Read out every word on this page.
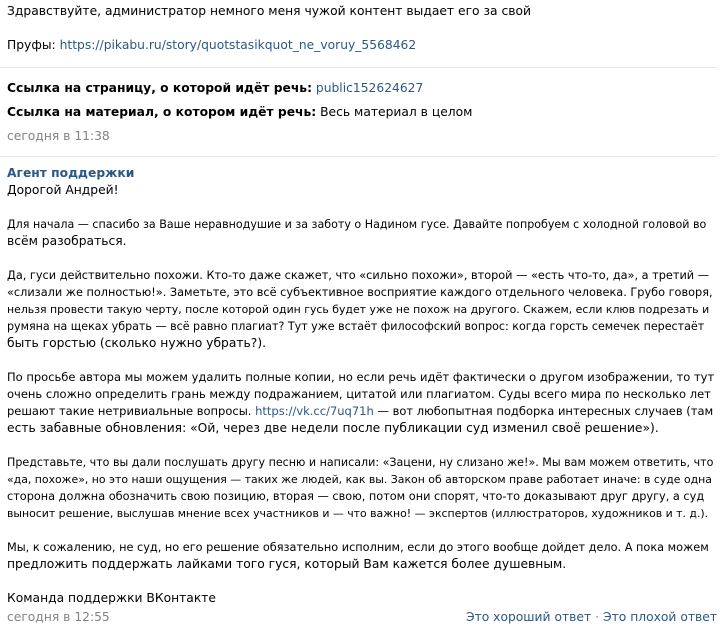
Здравствуйте, администратор немного меня чужой контент выдает его за свой
Пруфы: https://pikabu.ru/story/quotstasikquot_ne_voruy_5568462
Ссылка на страницу, о которой идёт речь: public152624627
Ссылка на материал, о котором идёт речь: Весь материал в целом
сегодня в 11:38
Агент поддержки
Дорогой Андрей!
Для начала — спасибо за Ваше неравнодушие и за заботу о Надином гусе. Давайте попробуем с холодной головой во
всём разобраться.
Да, гуси действительно похожи. Кто-то даже скажет, что «сильно похожи», второй — «есть что-то, да», а третий —
«слизали же полностью!». Заметьте, это всё субъективное восприятие каждого отдельного человека. Грубо говоря,
нельзя провести такую черту, после которой один гусь будет уже не похож на другого. Скажем, если клюв подрезать и
румяна на щеках убрать — всё равно плагиат? Тут уже встаёт философский вопрос: когда горсть семечек перестаёт
быть горстью (сколько нужно убрать?).
По просьбе автора мы можем удалить полные копии, но если речь идёт фактически о другом изображении, то тут
очень сложно определить грань между подражанием, цитатой или плагиатом. Суды всего мира по несколько лет
решают такие нетривиальные вопросы. https://vk.cc/7uq71h — вот любопытная подборка интересных случаев (там
есть забавные обновления: «Ой, через две недели после публикации суд изменил своё решение»).
Представьте, что вы дали послушать другу песню и написали: «Зацени, ну слизано же!». Мы вам можем ответить, что
«да, похоже», но это наши ощущения — таких же людей, как вы. Закон об авторском праве работает иначе: в суде одна
сторона должна обозначить свою позицию, вторая — свою, потом они спорят, что-то доказывают друг другу, а суд
выносит решение, выслушав мнение всех участников и — что важно! — экспертов (иллюстраторов, художников и т. д.).
Мы, к сожалению, не суд, но его решение обязательно исполним, если до этого вообще дойдет дело. А пока можем
предложить поддержать лайками того гуся, который Вам кажется более душевным.
Команда поддержки ВКонтакте
сегодня в 12:55	Это хороший ответ · Это плохой ответ
